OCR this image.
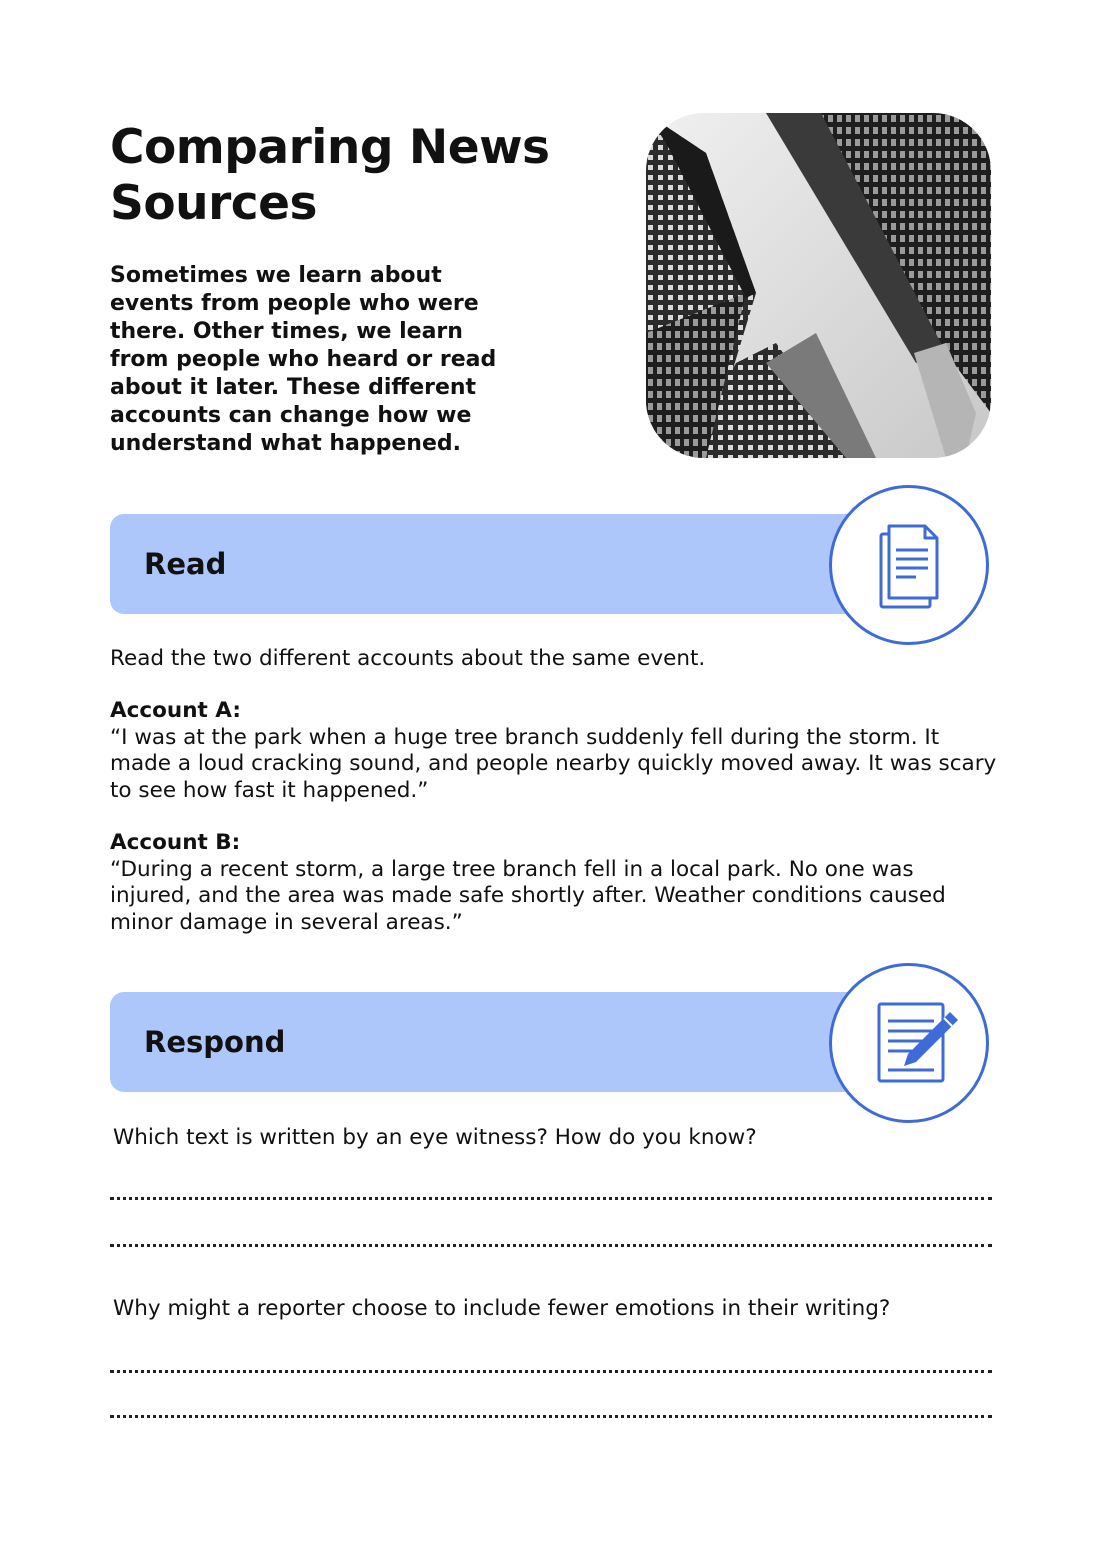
Comparing News Sources

Sometimes we learn about events from people who were there. Other times, we learn from people who heard or read about it later. These different accounts can change how we understand what happened.

Read

Read the two different accounts about the same event.

Account A:
“I was at the park when a huge tree branch suddenly fell during the storm. It made a loud cracking sound, and people nearby quickly moved away. It was scary to see how fast it happened.”
Account B:
“During a recent storm, a large tree branch fell in a local park. No one was injured, and the area was made safe shortly after. Weather conditions caused minor damage in several areas.”
Respond

Which text is written by an eye witness? How do you know?

Why might a reporter choose to include fewer emotions in their writing?
